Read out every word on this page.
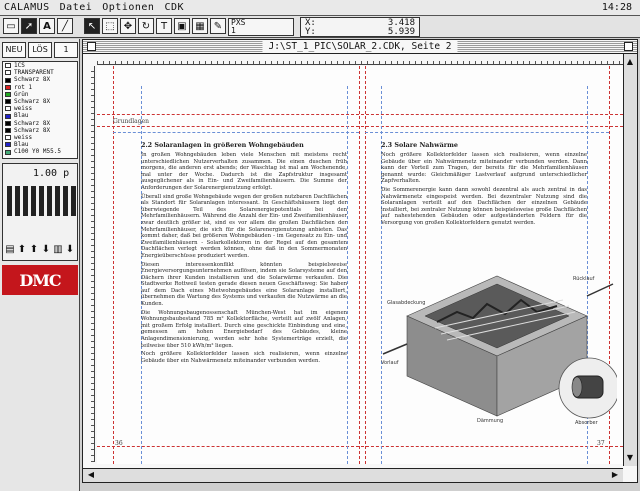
CALAMUS	Datei	Optionen	CDK	14:28
▭ ➚ A	╱	↖ ⬚ ✥ ↻	T	▣ ▦ ✎	PXS
1
X:	3.418
Y:	5.939
NEU	LÖS	1
1CS
TRANSPARENT
Schwarz 8X
rot 1
Grün
Schwarz 8X
weiss
Blau
Schwarz 8X
Schwarz 8X
weiss
Blau
C100 Y0 M55.5
1.00 p
▤ ⬆ ⬆ ⬇ ▥ ⬇
DMC
J:\ST_1_PIC\SOLAR_2.CDK, Seite 2
Grundlagen
2.2 Solaranlagen in größeren Wohngebäuden

In großen Wohngebäuden leben viele Menschen mit meistens recht unterschiedlichen Nutzerverhalten zusammen. Die einen duschen früh morgens, die anderen erst abends; der Waschtag ist mal am Wochenende, mal unter der Woche. Dadurch ist die Zapfstruktur insgesamt ausgeglichener als in Ein- und Zweifamilienhäusern. Die Summe der Anforderungen der Solarenergienutzung erfolgt.

Überall sind große Wohngebäude wegen der großen nutzbaren Dachflächen als Standort für Solaranlagen interessant. In Geschäftshäusern liegt der überwiegende Teil des Solarenergiepotentials bei den Mehrfamilienhäusern. Während die Anzahl der Ein- und Zweifamilienhäuser zwar deutlich größer ist, sind es vor allem die großen Dachflächen der Mehrfamilienhäuser, die sich für die Solarenergienutzung anbieten. Das kommt daher, daß bei größeren Wohngebäuden - im Gegensatz zu Ein- und Zweifamilienhäusern - Solarkollektoren in der Regel auf den gesamten Dachflächen verlegt werden können, ohne daß in den Sommermonaten Energieüberschüsse produziert werden.

Diesen interessenkonflikt könnten beispielsweise Energieversorgungsunternehmen auflösen, indem sie Solarsysteme auf den Dächern ihrer Kunden installieren und die Solarwärme verkaufen. Die Stadtwerke Rottweil testen gerade diesen neuen Geschäftsweg: Sie haben auf dem Dach eines Mietwohngebäudes eine Solaranlage installiert, übernehmen die Wartung des Systems und verkaufen die Nutzwärme an die Kunden.

Die Wohnungsbaugenossenschaft München-West hat im eigenen Wohnungsbaubestand 785 m² Kollektorfläche, verteilt auf zwölf Anlagen, mit großem Erfolg installiert. Durch eine geschickte Einbindung und eine, gemessen am hohen Energiebedarf des Gebäudes, kleine Anlagendimensionierung, werden sehr hohe Systemerträge erzielt, die teilweise über 510 kWh/m² liegen.

Noch größere Kollektorfelder lassen sich realisieren, wenn einzelne Gebäude über ein Nahwärmenetz miteinander verbunden werden.

2.3 Solare Nahwärme

Noch größere Kollektorfelder lassen sich realisieren, wenn einzelne Gebäude über ein Nahwärmenetz miteinander verbunden werden. Dann kann der Vorteil zum Tragen, der bereits für die Mehrfamilienhäuser genannt wurde: Gleichmäßiger Lastverlauf aufgrund unterschiedlicher Zapfverhalten.

Die Sommerenergie kann dann sowohl dezentral als auch zentral in das Nahwärmenetz eingespeist werden. Bei dezentraler Nutzung sind die Solaranlagen verteilt auf den Dachflächen der einzelnen Gebäude installiert, bei zentraler Nutzung können beispielsweise große Dachflächen auf nahestehenden Gebäuden oder aufgeständerten Feldern für die Versorgung von großen Kollektorfeldern genutzt werden.

Glasabdeckung
Rücklauf
Vorlauf
Dämmung	Absorber
36	37
▲
▼
◀	▶
